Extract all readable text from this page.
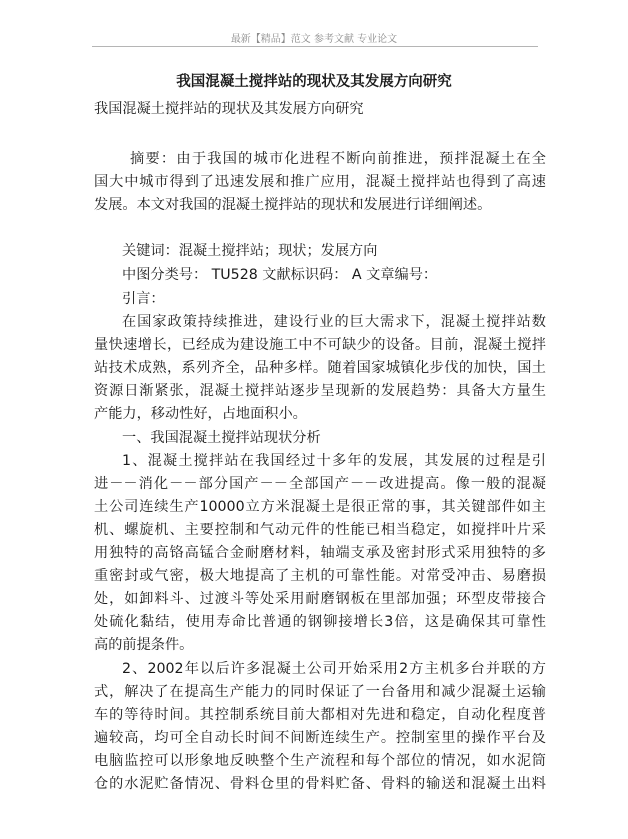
最新【精品】范文 参考文献 专业论文
我国混凝土搅拌站的现状及其发展方向研究
我国混凝土搅拌站的现状及其发展方向研究
摘要：由于我国的城市化进程不断向前推进，预拌混凝土在全
国大中城市得到了迅速发展和推广应用，混凝土搅拌站也得到了高速
发展。本文对我国的混凝土搅拌站的现状和发展进行详细阐述。
关键词：混凝土搅拌站；现状；发展方向
中图分类号： TU528 文献标识码： A 文章编号：
引言：
在国家政策持续推进，建设行业的巨大需求下，混凝土搅拌站数
量快速增长，已经成为建设施工中不可缺少的设备。目前，混凝土搅拌
站技术成熟，系列齐全，品种多样。随着国家城镇化步伐的加快，国土
资源日渐紧张，混凝土搅拌站逐步呈现新的发展趋势：具备大方量生
产能力，移动性好，占地面积小。
一、我国混凝土搅拌站现状分析
1、混凝土搅拌站在我国经过十多年的发展，其发展的过程是引
进－－消化－－部分国产－－全部国产－－改进提高。像一般的混凝
土公司连续生产10000立方米混凝土是很正常的事，其关键部件如主
机、螺旋机、主要控制和气动元件的性能已相当稳定，如搅拌叶片采
用独特的高铬高锰合金耐磨材料，轴端支承及密封形式采用独特的多
重密封或气密，极大地提高了主机的可靠性能。对常受冲击、易磨损
处，如卸料斗、过渡斗等处采用耐磨钢板在里部加强；环型皮带接合
处硫化黏结，使用寿命比普通的钢铆接增长3倍，这是确保其可靠性
高的前提条件。
2、2002年以后许多混凝土公司开始采用2方主机多台并联的方
式，解决了在提高生产能力的同时保证了一台备用和减少混凝土运输
车的等待时间。其控制系统目前大都相对先进和稳定，自动化程度普
遍较高，均可全自动长时间不间断连续生产。控制室里的操作平台及
电脑监控可以形象地反映整个生产流程和每个部位的情况，如水泥筒
仓的水泥贮备情况、骨料仓里的骨料贮备、骨料的输送和混凝土出料
